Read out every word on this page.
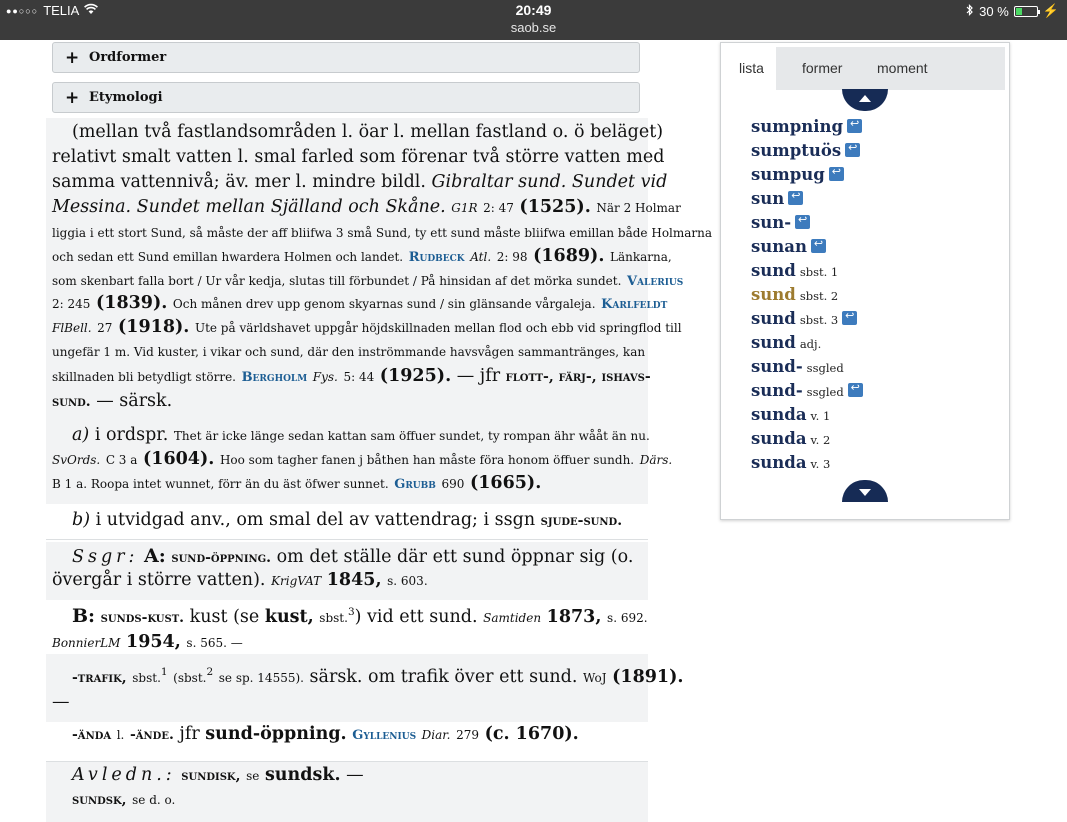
●●○○○ TELIA	20:49
saob.se
30 %	⚡
+ Ordformer
+ Etymologi
(mellan två fastlandsområden l. öar l. mellan fastland o. ö beläget)
relativt smalt vatten l. smal farled som förenar två större vatten med
samma vattennivå; äv. mer l. mindre bildl. Gibraltar sund. Sundet vid
Messina. Sundet mellan Själland och Skåne. G1R 2: 47 (1525). När 2 Holmar
liggia i ett stort Sund, så måste der aff bliifwa 3 små Sund, ty ett sund måste bliifwa emillan både Holmarna
och sedan ett Sund emillan hwardera Holmen och landet. Rudbeck Atl. 2: 98 (1689). Länkarna,
som skenbart falla bort / Ur vår kedja, slutas till förbundet / På hinsidan af det mörka sundet. Valerius
2: 245 (1839). Och månen drev upp genom skyarnas sund / sin glänsande vårgaleja. Karlfeldt
FlBell. 27 (1918). Ute på världshavet uppgår höjdskillnaden mellan flod och ebb vid springflod till
ungefär 1 m. Vid kuster, i vikar och sund, där den inströmmande havsvågen sammantränges, kan
skillnaden bli betydligt större. Bergholm Fys. 5: 44 (1925). — jfr flott-, färj-, ishavs-
sund. — särsk.
a) i ordspr. Thet är icke länge sedan kattan sam öffuer sundet, ty rompan ähr wååt än nu.
SvOrds. C 3 a (1604). Hoo som tagher fanen j båthen han måste föra honom öffuer sundh. Därs.
B 1 a. Roopa intet wunnet, förr än du äst öfwer sunnet. Grubb 690 (1665).
b) i utvidgad anv., om smal del av vattendrag; i ssgn sjude-sund.
Ssgr: A: sund-öppning. om det ställe där ett sund öppnar sig (o.
övergår i större vatten). KrigVAT 1845, s. 603.
B: sunds-kust. kust (se kust, sbst.$^3$) vid ett sund. Samtiden 1873, s. 692.
BonnierLM 1954, s. 565. —
-trafik, sbst.$^1$ (sbst.$^2$ se sp. 14555). särsk. om trafik över ett sund. WoJ (1891).
—
-ända l. -ände. jfr sund-öppning. Gyllenius Diar. 279 (c. 1670).
Avledn.: sundisk, se sundsk. —
sundsk, se d. o.
lista	former	moment
sumpning↩
sumptuös↩
sumpug↩
sun↩
sun-↩
sunan↩
sund sbst. 1
sund sbst. 2
sund sbst. 3↩
sund adj.
sund- ssgled
sund- ssgled↩
sunda v. 1
sunda v. 2
sunda v. 3
